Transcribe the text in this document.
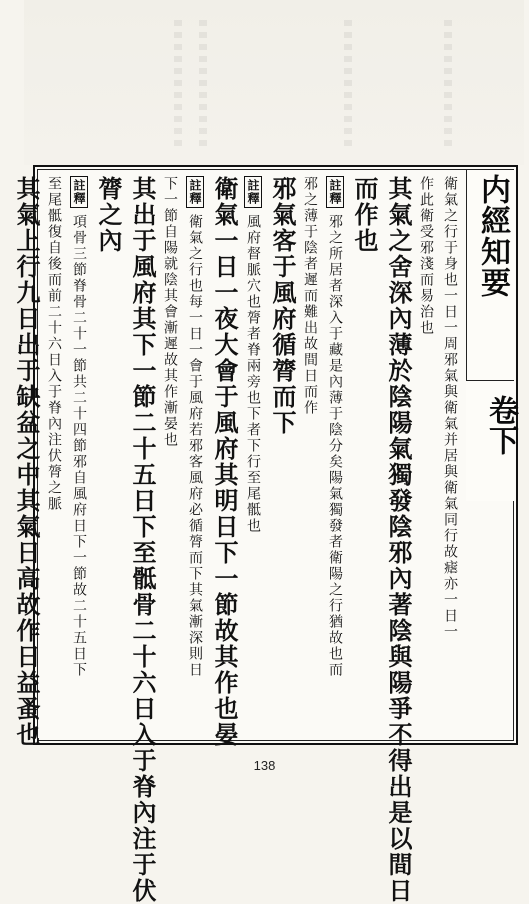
内經知要
卷下
衛氣之行于身也一日一周邪氣與衛氣并居與衛氣同行故瘧亦一日一
作此衛受邪淺而易治也
其氣之舍深內薄於陰陽氣獨發陰邪內著陰與陽爭不得出是以間日
而作也
註釋邪之所居者深入于藏是內薄于陰分矣陽氣獨發者衛陽之行猶故也而
邪之薄于陰者遲而難出故間日而作
邪氣客于風府循膂而下
註釋風府督脈穴也膂者脊兩旁也下者下行至尾骶也
衛氣一日一夜大會于風府其明日下一節故其作也晏
註釋衛氣之行也每一日一會于風府若邪客風府必循膂而下其氣漸深則日
下一節自陽就陰其會漸遲故其作漸晏也
其出于風府其下一節二十五日下至骶骨二十六日入于脊內注于伏
膂之內
註釋項骨三節脊骨二十一節共二十四節邪自風府日下一節故二十五日下
至尾骶復自後而前二十六日入于脊內注伏膂之脈
其氣上行九日出于缺盆之中其氣日高故作日益蚤也
138
